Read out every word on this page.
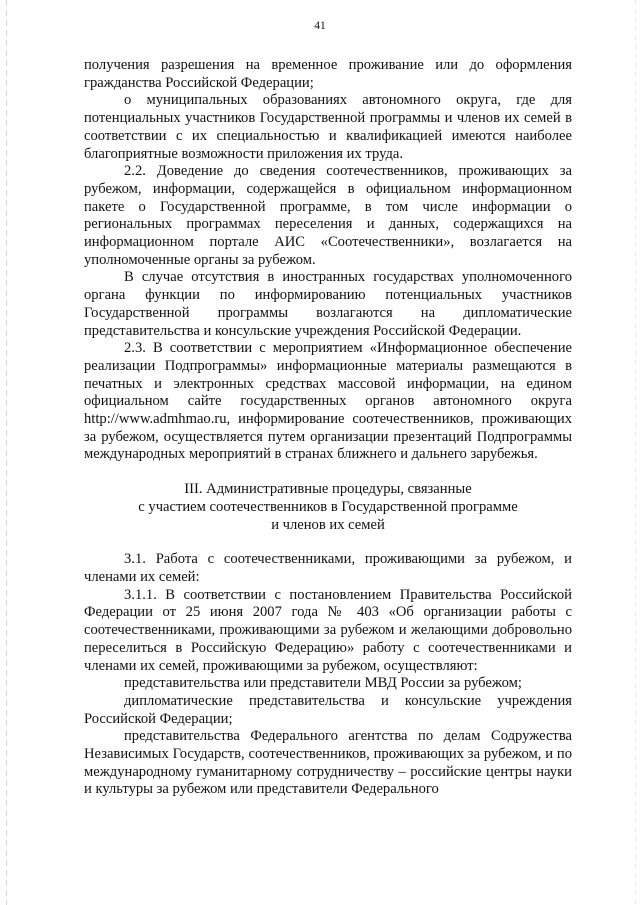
41

получения разрешения на временное проживание или до оформления гражданства Российской Федерации;

о муниципальных образованиях автономного округа, где для потенциальных участников Государственной программы и членов их семей в соответствии с их специальностью и квалификацией имеются наиболее благоприятные возможности приложения их труда.

2.2. Доведение до сведения соотечественников, проживающих за рубежом, информации, содержащейся в официальном информационном пакете о Государственной программе, в том числе информации о региональных программах переселения и данных, содержащихся на информационном портале АИС «Соотечественники», возлагается на уполномоченные органы за рубежом.

В случае отсутствия в иностранных государствах уполномоченного органа функции по информированию потенциальных участников Государственной программы возлагаются на дипломатические представительства и консульские учреждения Российской Федерации.

2.3. В соответствии с мероприятием «Информационное обеспечение реализации Подпрограммы» информационные материалы размещаются в печатных и электронных средствах массовой информации, на едином официальном сайте государственных органов автономного округа http://www.admhmao.ru, информирование соотечественников, проживающих за рубежом, осуществляется путем организации презентаций Подпрограммы международных мероприятий в странах ближнего и дальнего зарубежья.

III. Административные процедуры, связанные

с участием соотечественников в Государственной программе

и членов их семей

3.1. Работа с соотечественниками, проживающими за рубежом, и членами их семей:

3.1.1. В соответствии с постановлением Правительства Российской Федерации от 25 июня 2007 года № 403 «Об организации работы с соотечественниками, проживающими за рубежом и желающими добровольно переселиться в Российскую Федерацию» работу с соотечественниками и членами их семей, проживающими за рубежом, осуществляют:

представительства или представители МВД России за рубежом;

дипломатические представительства и консульские учреждения Российской Федерации;

представительства Федерального агентства по делам Содружества Независимых Государств, соотечественников, проживающих за рубежом, и по международному гуманитарному сотрудничеству – российские центры науки и культуры за рубежом или представители Федерального
